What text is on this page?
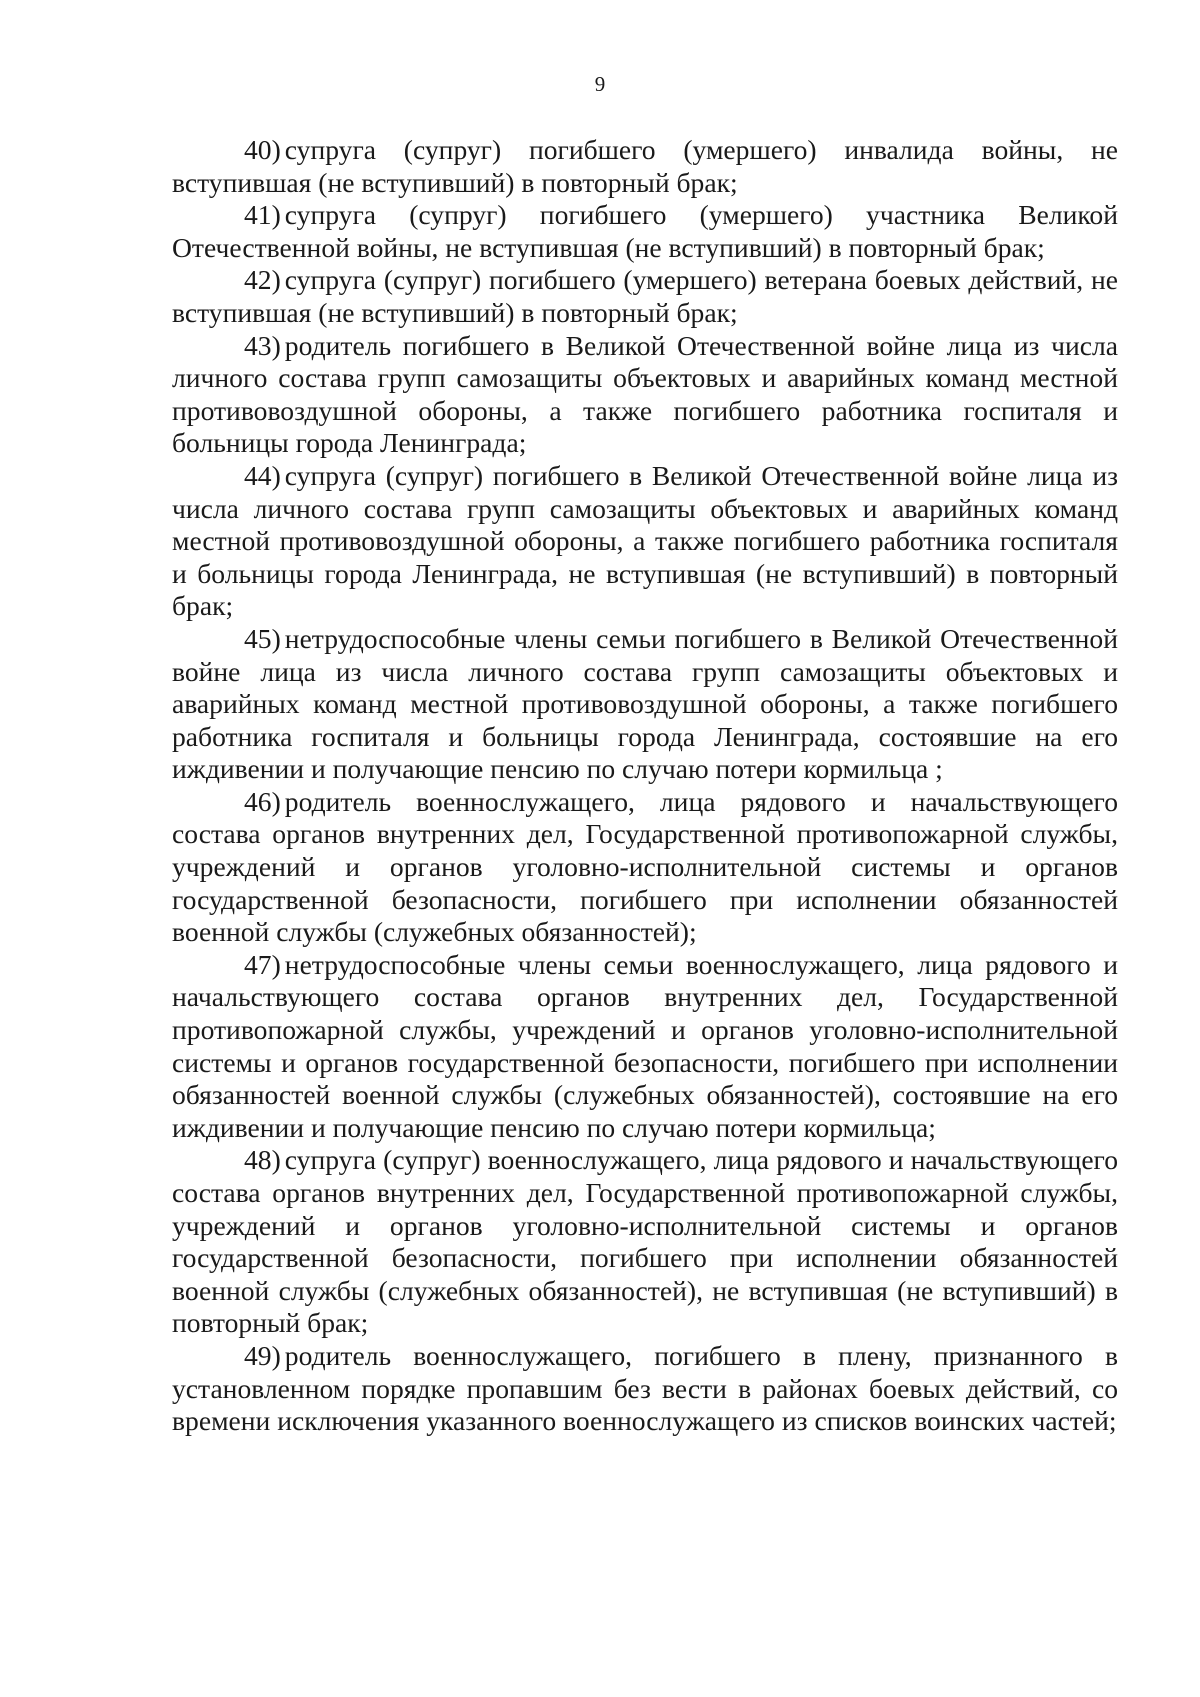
9

40) супруга (супруг) погибшего (умершего) инвалида войны, не вступившая (не вступивший) в повторный брак;

41) супруга (супруг) погибшего (умершего) участника Великой Отечественной войны, не вступившая (не вступивший) в повторный брак;

42) супруга (супруг) погибшего (умершего) ветерана боевых действий, не вступившая (не вступивший) в повторный брак;

43) родитель погибшего в Великой Отечественной войне лица из числа личного состава групп самозащиты объектовых и аварийных команд местной противовоздушной обороны, а также погибшего работника госпиталя и больницы города Ленинграда;

44) супруга (супруг) погибшего в Великой Отечественной войне лица из числа личного состава групп самозащиты объектовых и аварийных команд местной противовоздушной обороны, а также погибшего работника госпиталя и больницы города Ленинграда, не вступившая (не вступивший) в повторный брак;

45) нетрудоспособные члены семьи погибшего в Великой Отечественной войне лица из числа личного состава групп самозащиты объектовых и аварийных команд местной противовоздушной обороны, а также погибшего работника госпиталя и больницы города Ленинграда, состоявшие на его иждивении и получающие пенсию по случаю потери кормильца ;

46) родитель военнослужащего, лица рядового и начальствующего состава органов внутренних дел, Государственной противопожарной службы, учреждений и органов уголовно-исполнительной системы и органов государственной безопасности, погибшего при исполнении обязанностей военной службы (служебных обязанностей);

47) нетрудоспособные члены семьи военнослужащего, лица рядового и начальствующего состава органов внутренних дел, Государственной противопожарной службы, учреждений и органов уголовно-исполнительной системы и органов государственной безопасности, погибшего при исполнении обязанностей военной службы (служебных обязанностей), состоявшие на его иждивении и получающие пенсию по случаю потери кормильца;

48) супруга (супруг) военнослужащего, лица рядового и начальствующего состава органов внутренних дел, Государственной противопожарной службы, учреждений и органов уголовно-исполнительной системы и органов государственной безопасности, погибшего при исполнении обязанностей военной службы (служебных обязанностей), не вступившая (не вступивший) в повторный брак;

49) родитель военнослужащего, погибшего в плену, признанного в установленном порядке пропавшим без вести в районах боевых действий, со времени исключения указанного военнослужащего из списков воинских частей;
